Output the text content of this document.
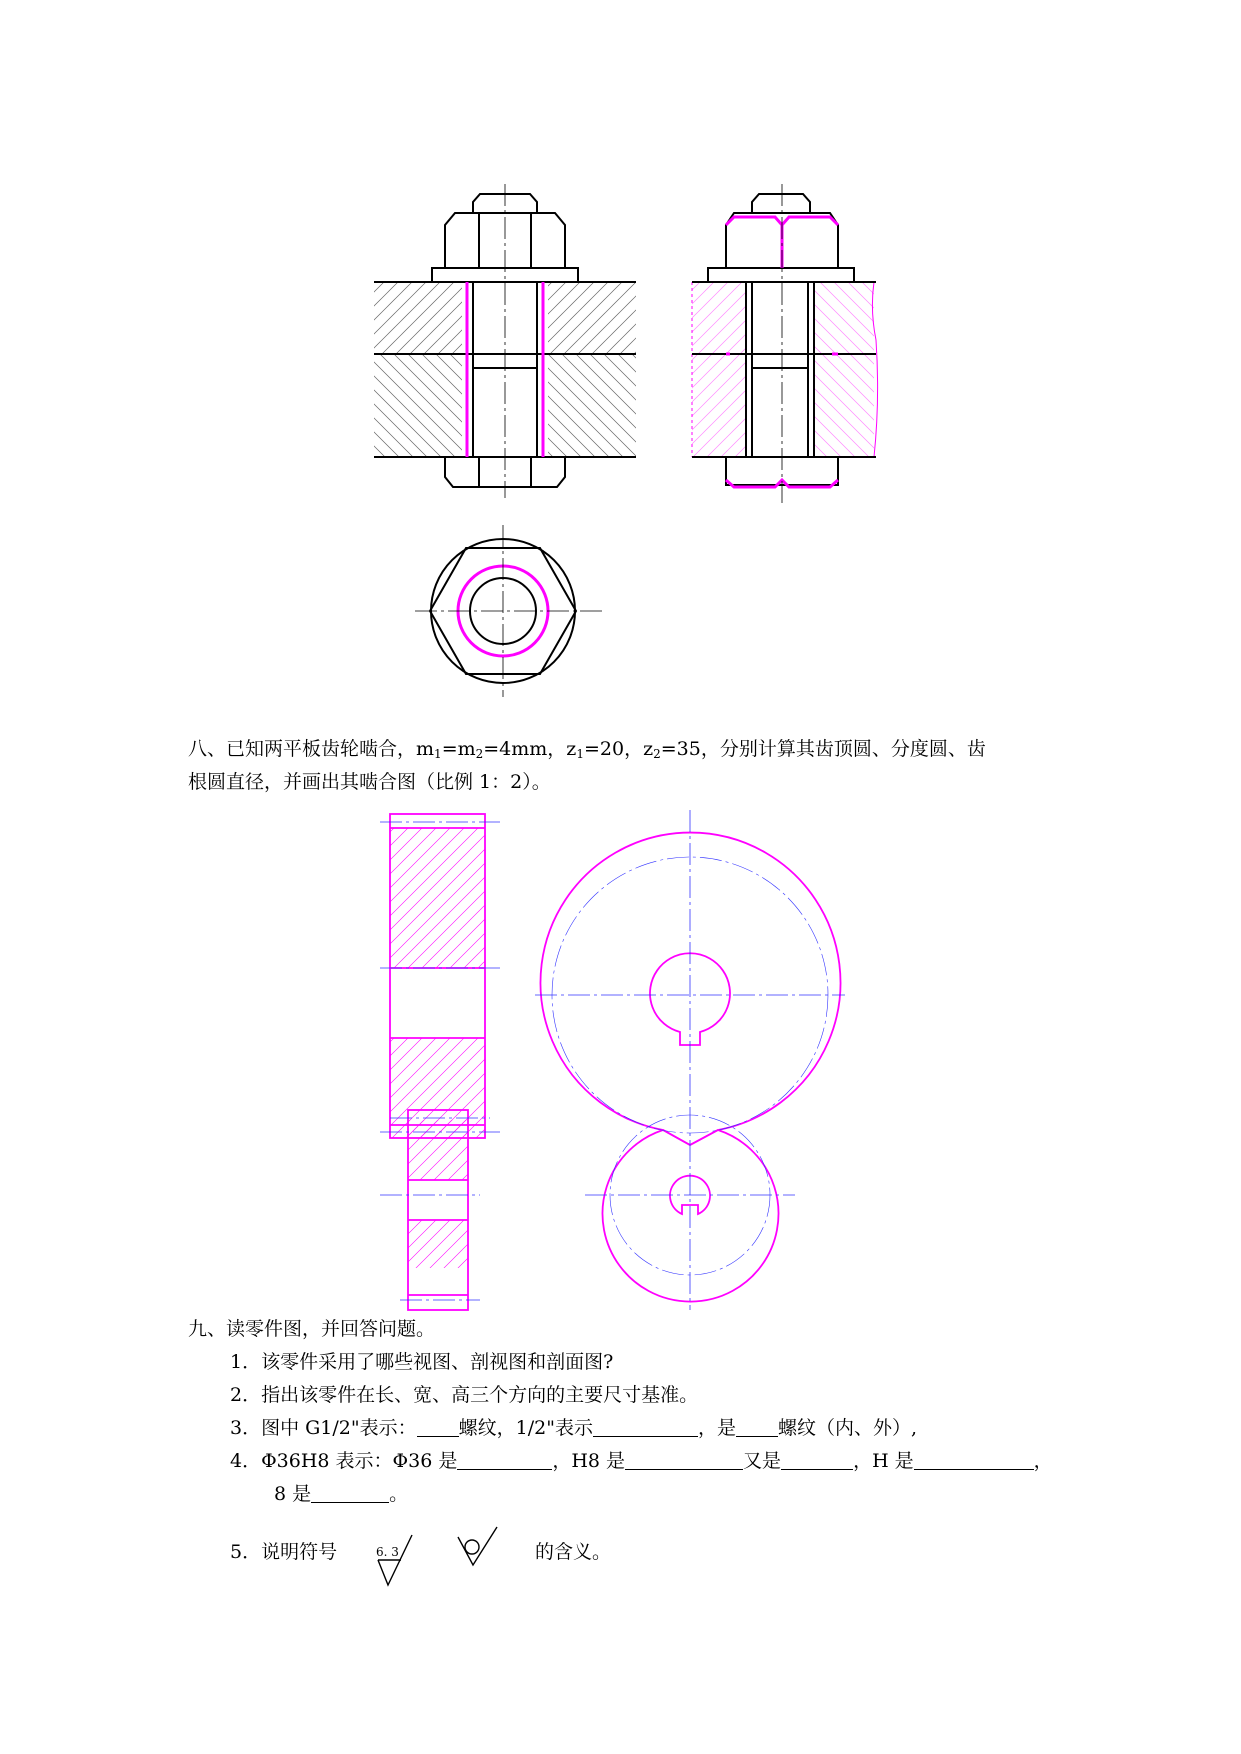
八、已知两平板齿轮啮合，$m_1=m_2=4mm$，$z_1=20$，$z_2=35$，分别计算其齿顶圆、分度圆、齿
根圆直径，并画出其啮合图（比例 1：2）。
九、读零件图，并回答问题。
1．该零件采用了哪些视图、剖视图和剖面图?
2．指出该零件在长、宽、高三个方向的主要尺寸基准。
3．图中 G1/2"表示： 螺纹，1/2"表示	，是 螺纹（内、外）,
4．Φ36H8 表示：Φ36 是	，H8 是	又是	，H 是	，
8 是	。
5．说明符号	6. 3	的含义。
